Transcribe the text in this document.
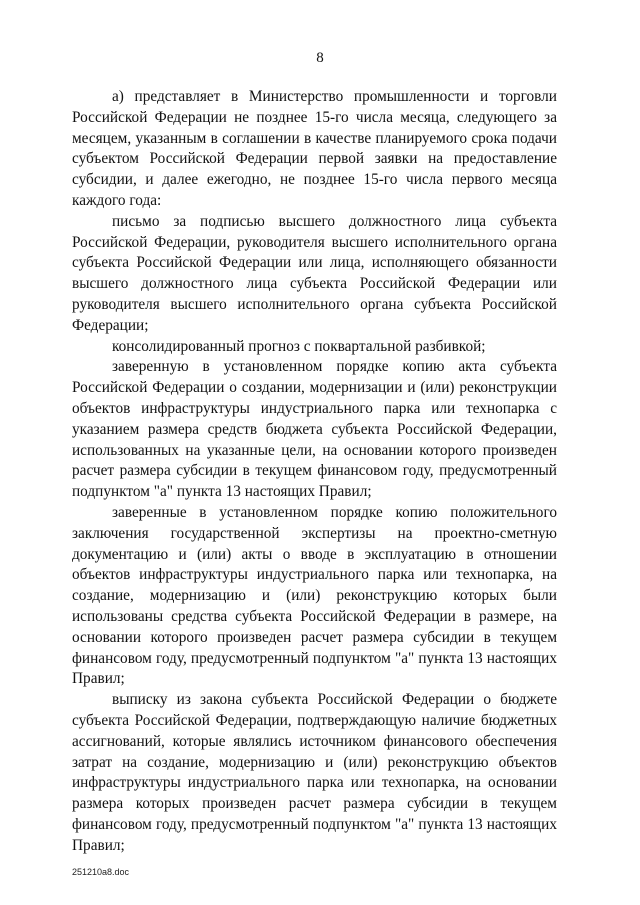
8

а) представляет в Министерство промышленности и торговли Российской Федерации не позднее 15-го числа месяца, следующего за месяцем, указанным в соглашении в качестве планируемого срока подачи субъектом Российской Федерации первой заявки на предоставление субсидии, и далее ежегодно, не позднее 15-го числа первого месяца каждого года:

письмо за подписью высшего должностного лица субъекта Российской Федерации, руководителя высшего исполнительного органа субъекта Российской Федерации или лица, исполняющего обязанности высшего должностного лица субъекта Российской Федерации или руководителя высшего исполнительного органа субъекта Российской Федерации;

консолидированный прогноз с поквартальной разбивкой;

заверенную в установленном порядке копию акта субъекта Российской Федерации о создании, модернизации и (или) реконструкции объектов инфраструктуры индустриального парка или технопарка с указанием размера средств бюджета субъекта Российской Федерации, использованных на указанные цели, на основании которого произведен расчет размера субсидии в текущем финансовом году, предусмотренный подпунктом "а" пункта 13 настоящих Правил;

заверенные в установленном порядке копию положительного заключения государственной экспертизы на проектно-сметную документацию и (или) акты о вводе в эксплуатацию в отношении объектов инфраструктуры индустриального парка или технопарка, на создание, модернизацию и (или) реконструкцию которых были использованы средства субъекта Российской Федерации в размере, на основании которого произведен расчет размера субсидии в текущем финансовом году, предусмотренный подпунктом "а" пункта 13 настоящих Правил;

выписку из закона субъекта Российской Федерации о бюджете субъекта Российской Федерации, подтверждающую наличие бюджетных ассигнований, которые являлись источником финансового обеспечения затрат на создание, модернизацию и (или) реконструкцию объектов инфраструктуры индустриального парка или технопарка, на основании размера которых произведен расчет размера субсидии в текущем финансовом году, предусмотренный подпунктом "а" пункта 13 настоящих Правил;

251210a8.doc
